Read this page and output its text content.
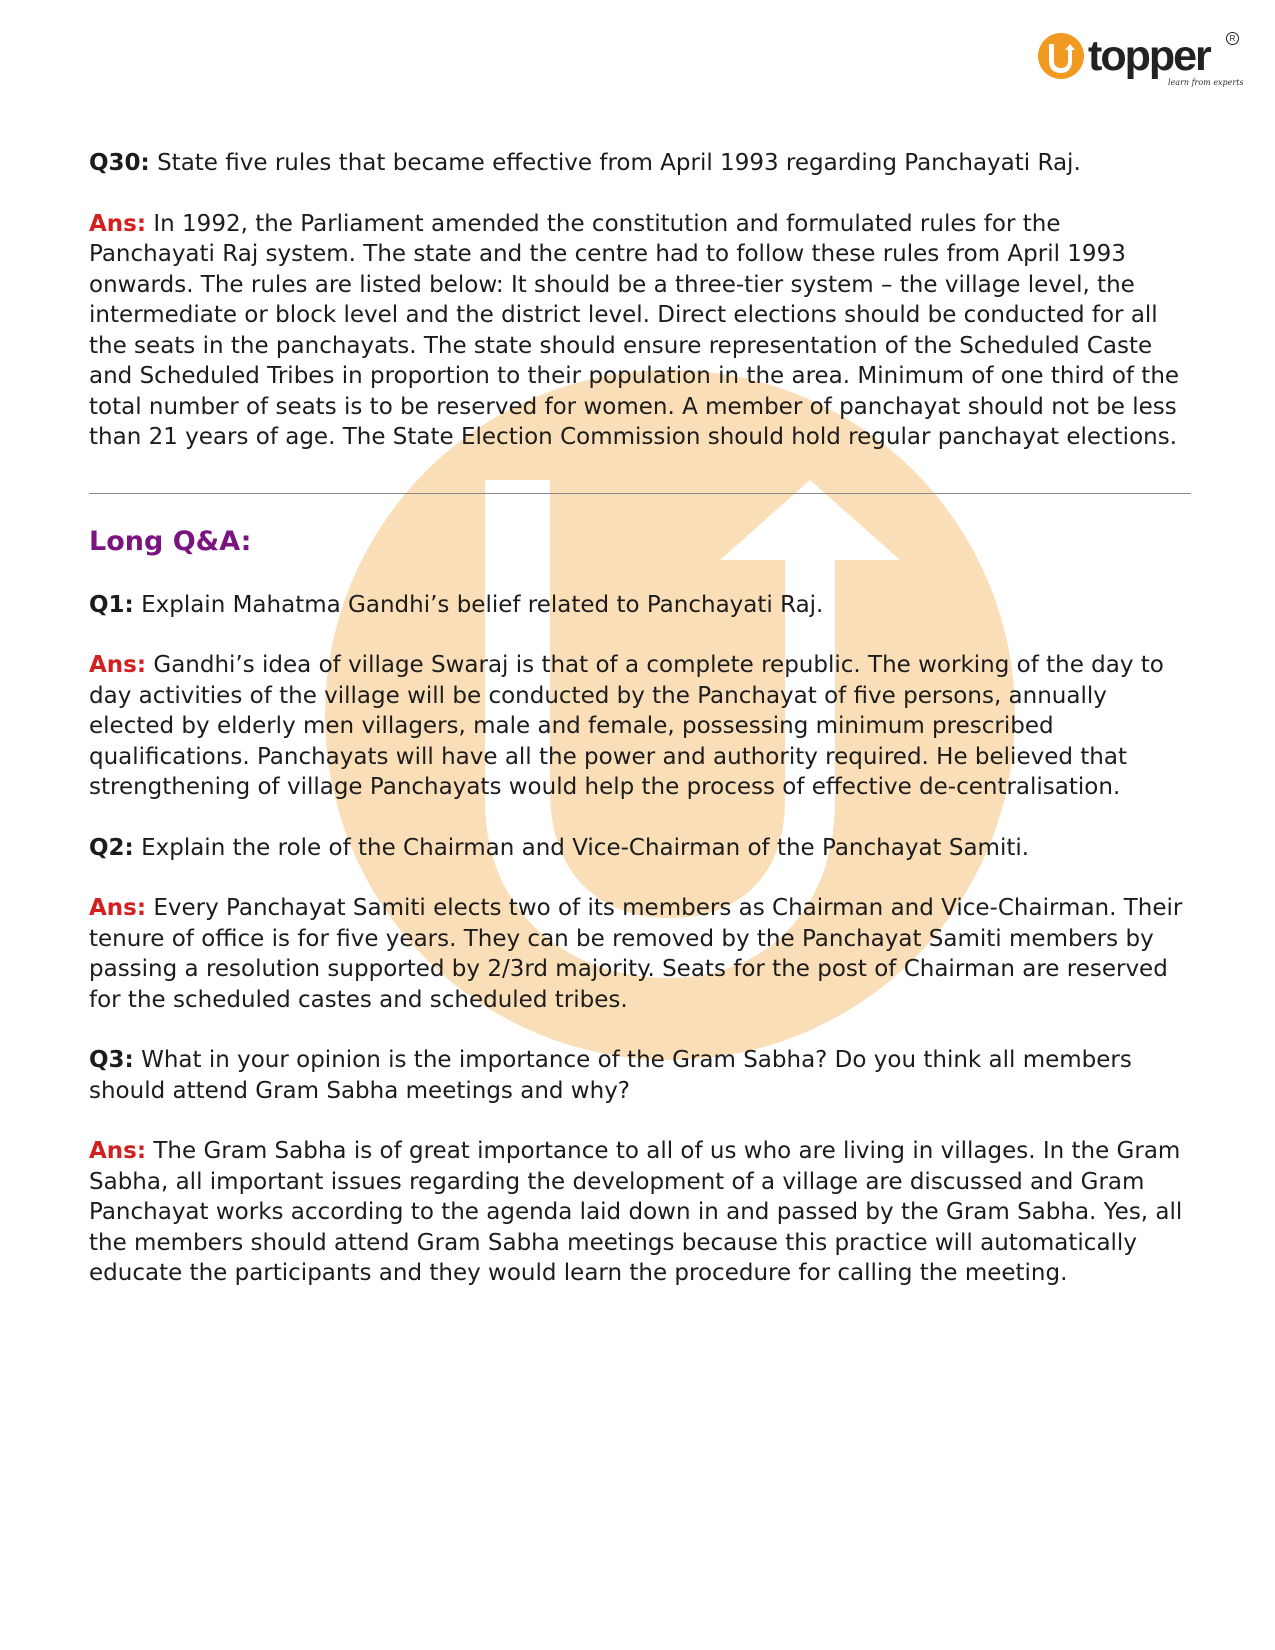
topper	R
learn from experts

Q30: State five rules that became effective from April 1993 regarding Panchayati Raj.

Ans: In 1992, the Parliament amended the constitution and formulated rules for the Panchayati Raj system. The state and the centre had to follow these rules from April 1993 onwards. The rules are listed below: It should be a three-tier system – the village level, the intermediate or block level and the district level. Direct elections should be conducted for all the seats in the panchayats. The state should ensure representation of the Scheduled Caste and Scheduled Tribes in proportion to their population in the area. Minimum of one third of the total number of seats is to be reserved for women. A member of panchayat should not be less than 21 years of age. The State Election Commission should hold regular panchayat elections.

Long Q&A:

Q1: Explain Mahatma Gandhi’s belief related to Panchayati Raj.

Ans: Gandhi’s idea of village Swaraj is that of a complete republic. The working of the day to day activities of the village will be conducted by the Panchayat of five persons, annually elected by elderly men villagers, male and female, possessing minimum prescribed qualifications. Panchayats will have all the power and authority required. He believed that strengthening of village Panchayats would help the process of effective de-centralisation.

Q2: Explain the role of the Chairman and Vice-Chairman of the Panchayat Samiti.

Ans: Every Panchayat Samiti elects two of its members as Chairman and Vice-Chairman. Their tenure of office is for five years. They can be removed by the Panchayat Samiti members by passing a resolution supported by 2/3rd majority. Seats for the post of Chairman are reserved for the scheduled castes and scheduled tribes.

Q3: What in your opinion is the importance of the Gram Sabha? Do you think all members should attend Gram Sabha meetings and why?

Ans: The Gram Sabha is of great importance to all of us who are living in villages. In the Gram Sabha, all important issues regarding the development of a village are discussed and Gram Panchayat works according to the agenda laid down in and passed by the Gram Sabha. Yes, all the members should attend Gram Sabha meetings because this practice will automatically educate the participants and they would learn the procedure for calling the meeting.
